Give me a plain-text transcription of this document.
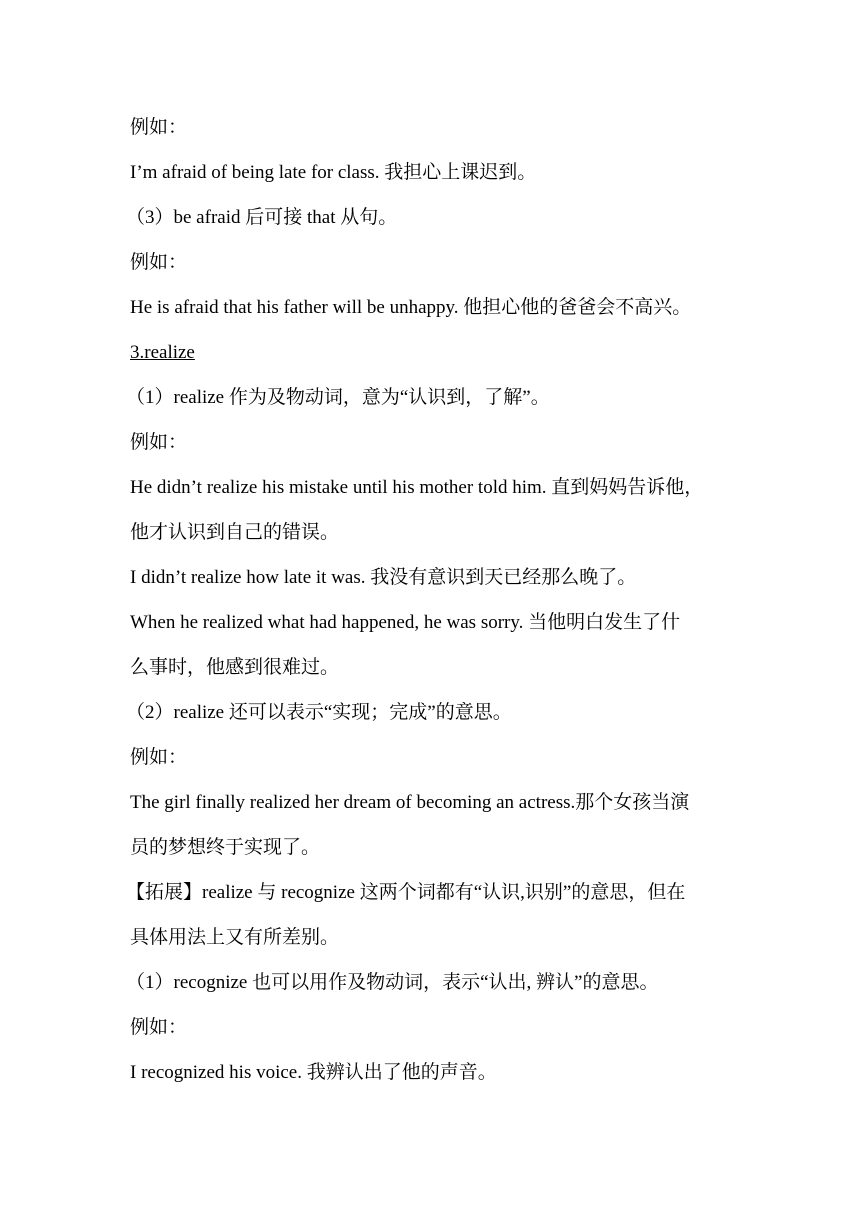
例如：
I’m afraid of being late for class. 我担心上课迟到。
（3）be afraid 后可接 that 从句。
例如：
He is afraid that his father will be unhappy. 他担心他的爸爸会不高兴。
3.realize
（1）realize 作为及物动词，意为“认识到，了解”。
例如：
He didn’t realize his mistake until his mother told him. 直到妈妈告诉他，
他才认识到自己的错误。
I didn’t realize how late it was. 我没有意识到天已经那么晚了。
When he realized what had happened, he was sorry. 当他明白发生了什
么事时，他感到很难过。
（2）realize 还可以表示“实现；完成”的意思。
例如：
The girl finally realized her dream of becoming an actress.那个女孩当演
员的梦想终于实现了。
【拓展】realize 与 recognize 这两个词都有“认识,识别”的意思，但在
具体用法上又有所差别。
（1）recognize 也可以用作及物动词，表示“认出, 辨认”的意思。
例如：
I recognized his voice. 我辨认出了他的声音。
